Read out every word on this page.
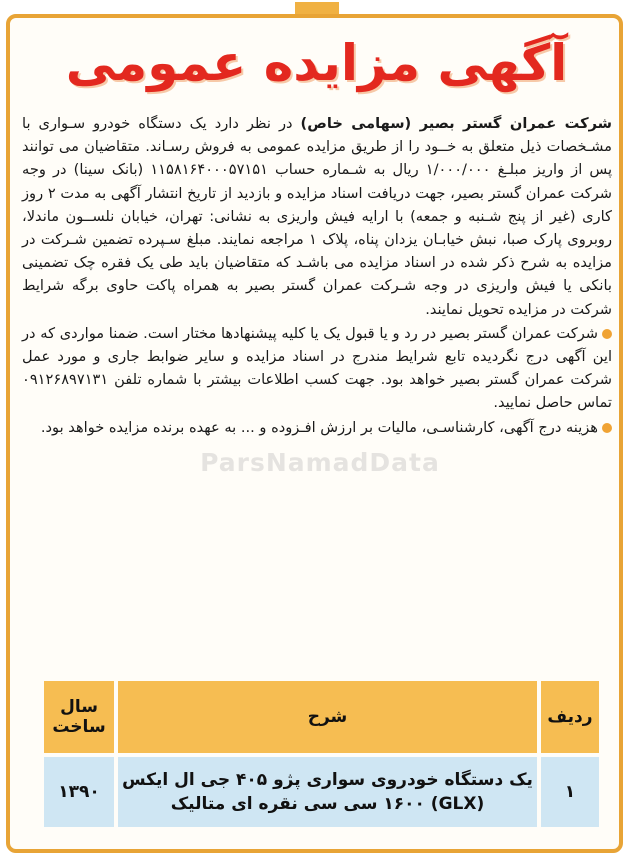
آگهی مزایده عمومی

شرکت عمران گستر بصیر (سهامی خاص) در نظر دارد یک دستگاه خودرو سـواری با مشـخصات ذیل متعلق به خــود را از طریق مزایده عمومی به فروش رسـاند. متقاضیان می توانند پس از واریز مبلـغ ۱/۰۰۰/۰۰۰ ریال به شـماره حساب ۱۱۵۸۱۶۴۰۰۰۵۷۱۵۱ (بانک سینا) در وجه شرکت عمران گستر بصیر، جهت دریافت اسناد مزایده و بازدید از تاریخ انتشار آگهی به مدت ۲ روز کاری (غیر از پنج شـنبه و جمعه) با ارایه فیش واریزی به نشانی: تهران، خیابان نلســون ماندلا، روبروی پارک صبا، نبش خیابـان یزدان پناه، پلاک ۱ مراجعه نمایند. مبلغ سـپرده تضمین شـرکت در مزایده به شرح ذکر شده در اسناد مزایده می باشـد که متقاضیان باید طی یک فقره چک تضمینی بانکی یا فیش واریزی در وجه شـرکت عمران گستر بصیر به همراه پاکت حاوی برگه شرایط شرکت در مزایده تحویل نمایند.

شرکت عمران گستر بصیر در رد و یا قبول یک یا کلیه پیشنهادها مختار است. ضمنا مواردی که در این آگهی درج نگردیده تابع شرایط مندرج در اسناد مزایده و سایر ضوابط جاری و مورد عمل شرکت عمران گستر بصیر خواهد بود. جهت کسب اطلاعات بیشتر با شماره تلفن ۰۹۱۲۶۸۹۷۱۳۱ تماس حاصل نمایید.

هزینه درج آگهی، کارشناسـی، مالیات بر ارزش افـزوده و ... به عهده برنده مزایده خواهد بود.

ParsNamadData
ردیف	شرح	سال ساخت
۱	یک دستگاه خودروی سواری پژو ۴۰۵ جی ال ایکس (GLX) ۱۶۰۰ سی سی نقره ای متالیک	۱۳۹۰
